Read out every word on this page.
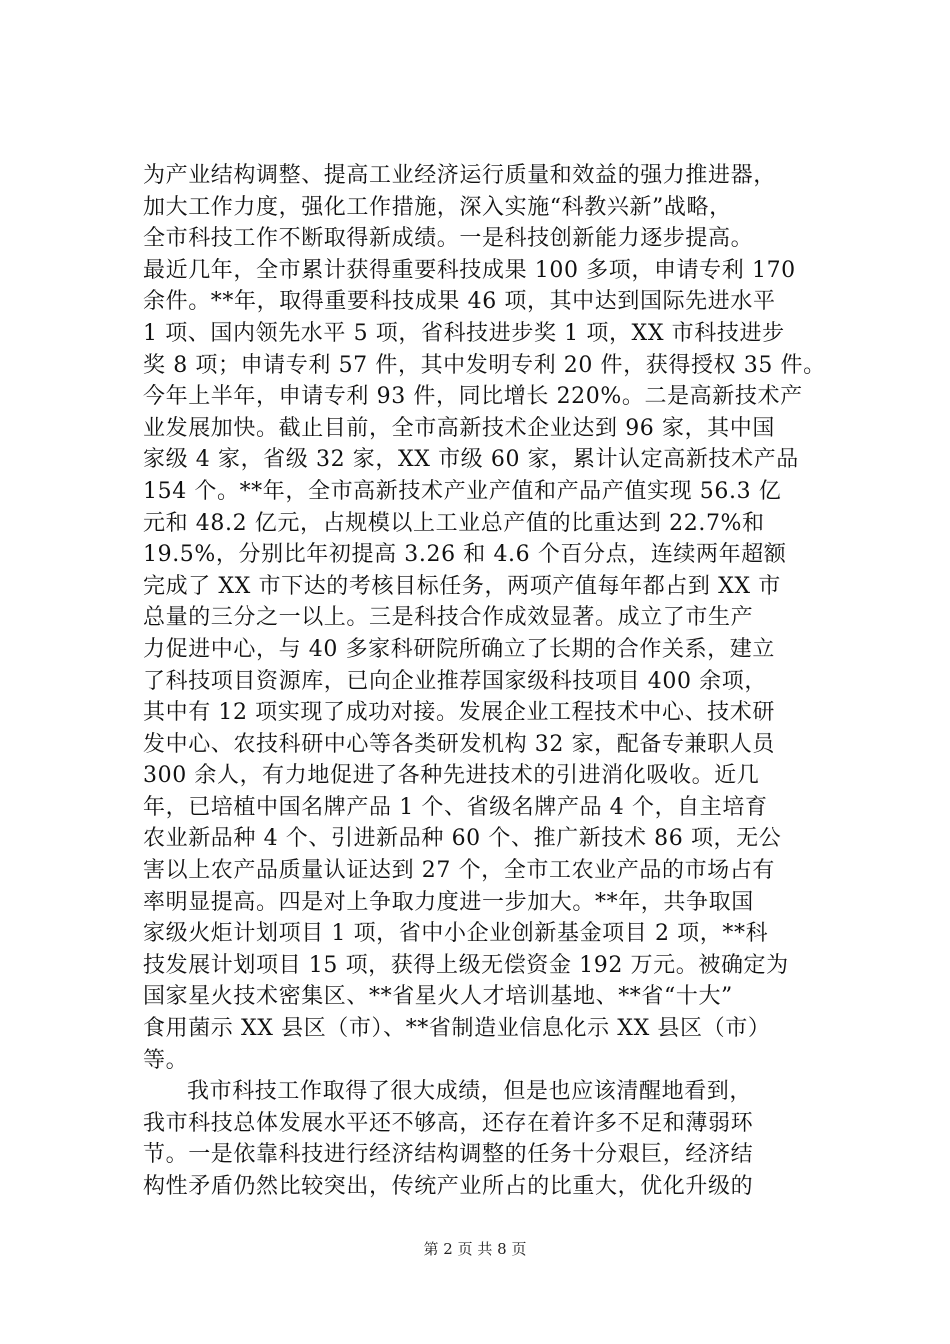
为产业结构调整、提高工业经济运行质量和效益的强力推进器，
加大工作力度，强化工作措施，深入实施“科教兴新”战略，
全市科技工作不断取得新成绩。一是科技创新能力逐步提高。
最近几年，全市累计获得重要科技成果 100 多项，申请专利 170
余件。**年，取得重要科技成果 46 项，其中达到国际先进水平
1 项、国内领先水平 5 项，省科技进步奖 1 项，XX 市科技进步
奖 8 项；申请专利 57 件，其中发明专利 20 件，获得授权 35 件。
今年上半年，申请专利 93 件，同比增长 220%。二是高新技术产
业发展加快。截止目前，全市高新技术企业达到 96 家，其中国
家级 4 家，省级 32 家，XX 市级 60 家，累计认定高新技术产品
154 个。**年，全市高新技术产业产值和产品产值实现 56.3 亿
元和 48.2 亿元，占规模以上工业总产值的比重达到 22.7%和
19.5%，分别比年初提高 3.26 和 4.6 个百分点，连续两年超额
完成了 XX 市下达的考核目标任务，两项产值每年都占到 XX 市
总量的三分之一以上。三是科技合作成效显著。成立了市生产
力促进中心，与 40 多家科研院所确立了长期的合作关系，建立
了科技项目资源库，已向企业推荐国家级科技项目 400 余项，
其中有 12 项实现了成功对接。发展企业工程技术中心、技术研
发中心、农技科研中心等各类研发机构 32 家，配备专兼职人员
300 余人，有力地促进了各种先进技术的引进消化吸收。近几
年，已培植中国名牌产品 1 个、省级名牌产品 4 个，自主培育
农业新品种 4 个、引进新品种 60 个、推广新技术 86 项，无公
害以上农产品质量认证达到 27 个，全市工农业产品的市场占有
率明显提高。四是对上争取力度进一步加大。**年，共争取国
家级火炬计划项目 1 项，省中小企业创新基金项目 2 项，**科
技发展计划项目 15 项，获得上级无偿资金 192 万元。被确定为
国家星火技术密集区、**省星火人才培训基地、**省“十大”
食用菌示 XX 县区（市）、**省制造业信息化示 XX 县区（市）
等。
我市科技工作取得了很大成绩，但是也应该清醒地看到，
我市科技总体发展水平还不够高，还存在着许多不足和薄弱环
节。一是依靠科技进行经济结构调整的任务十分艰巨，经济结
构性矛盾仍然比较突出，传统产业所占的比重大，优化升级的
第 2 页 共 8 页
